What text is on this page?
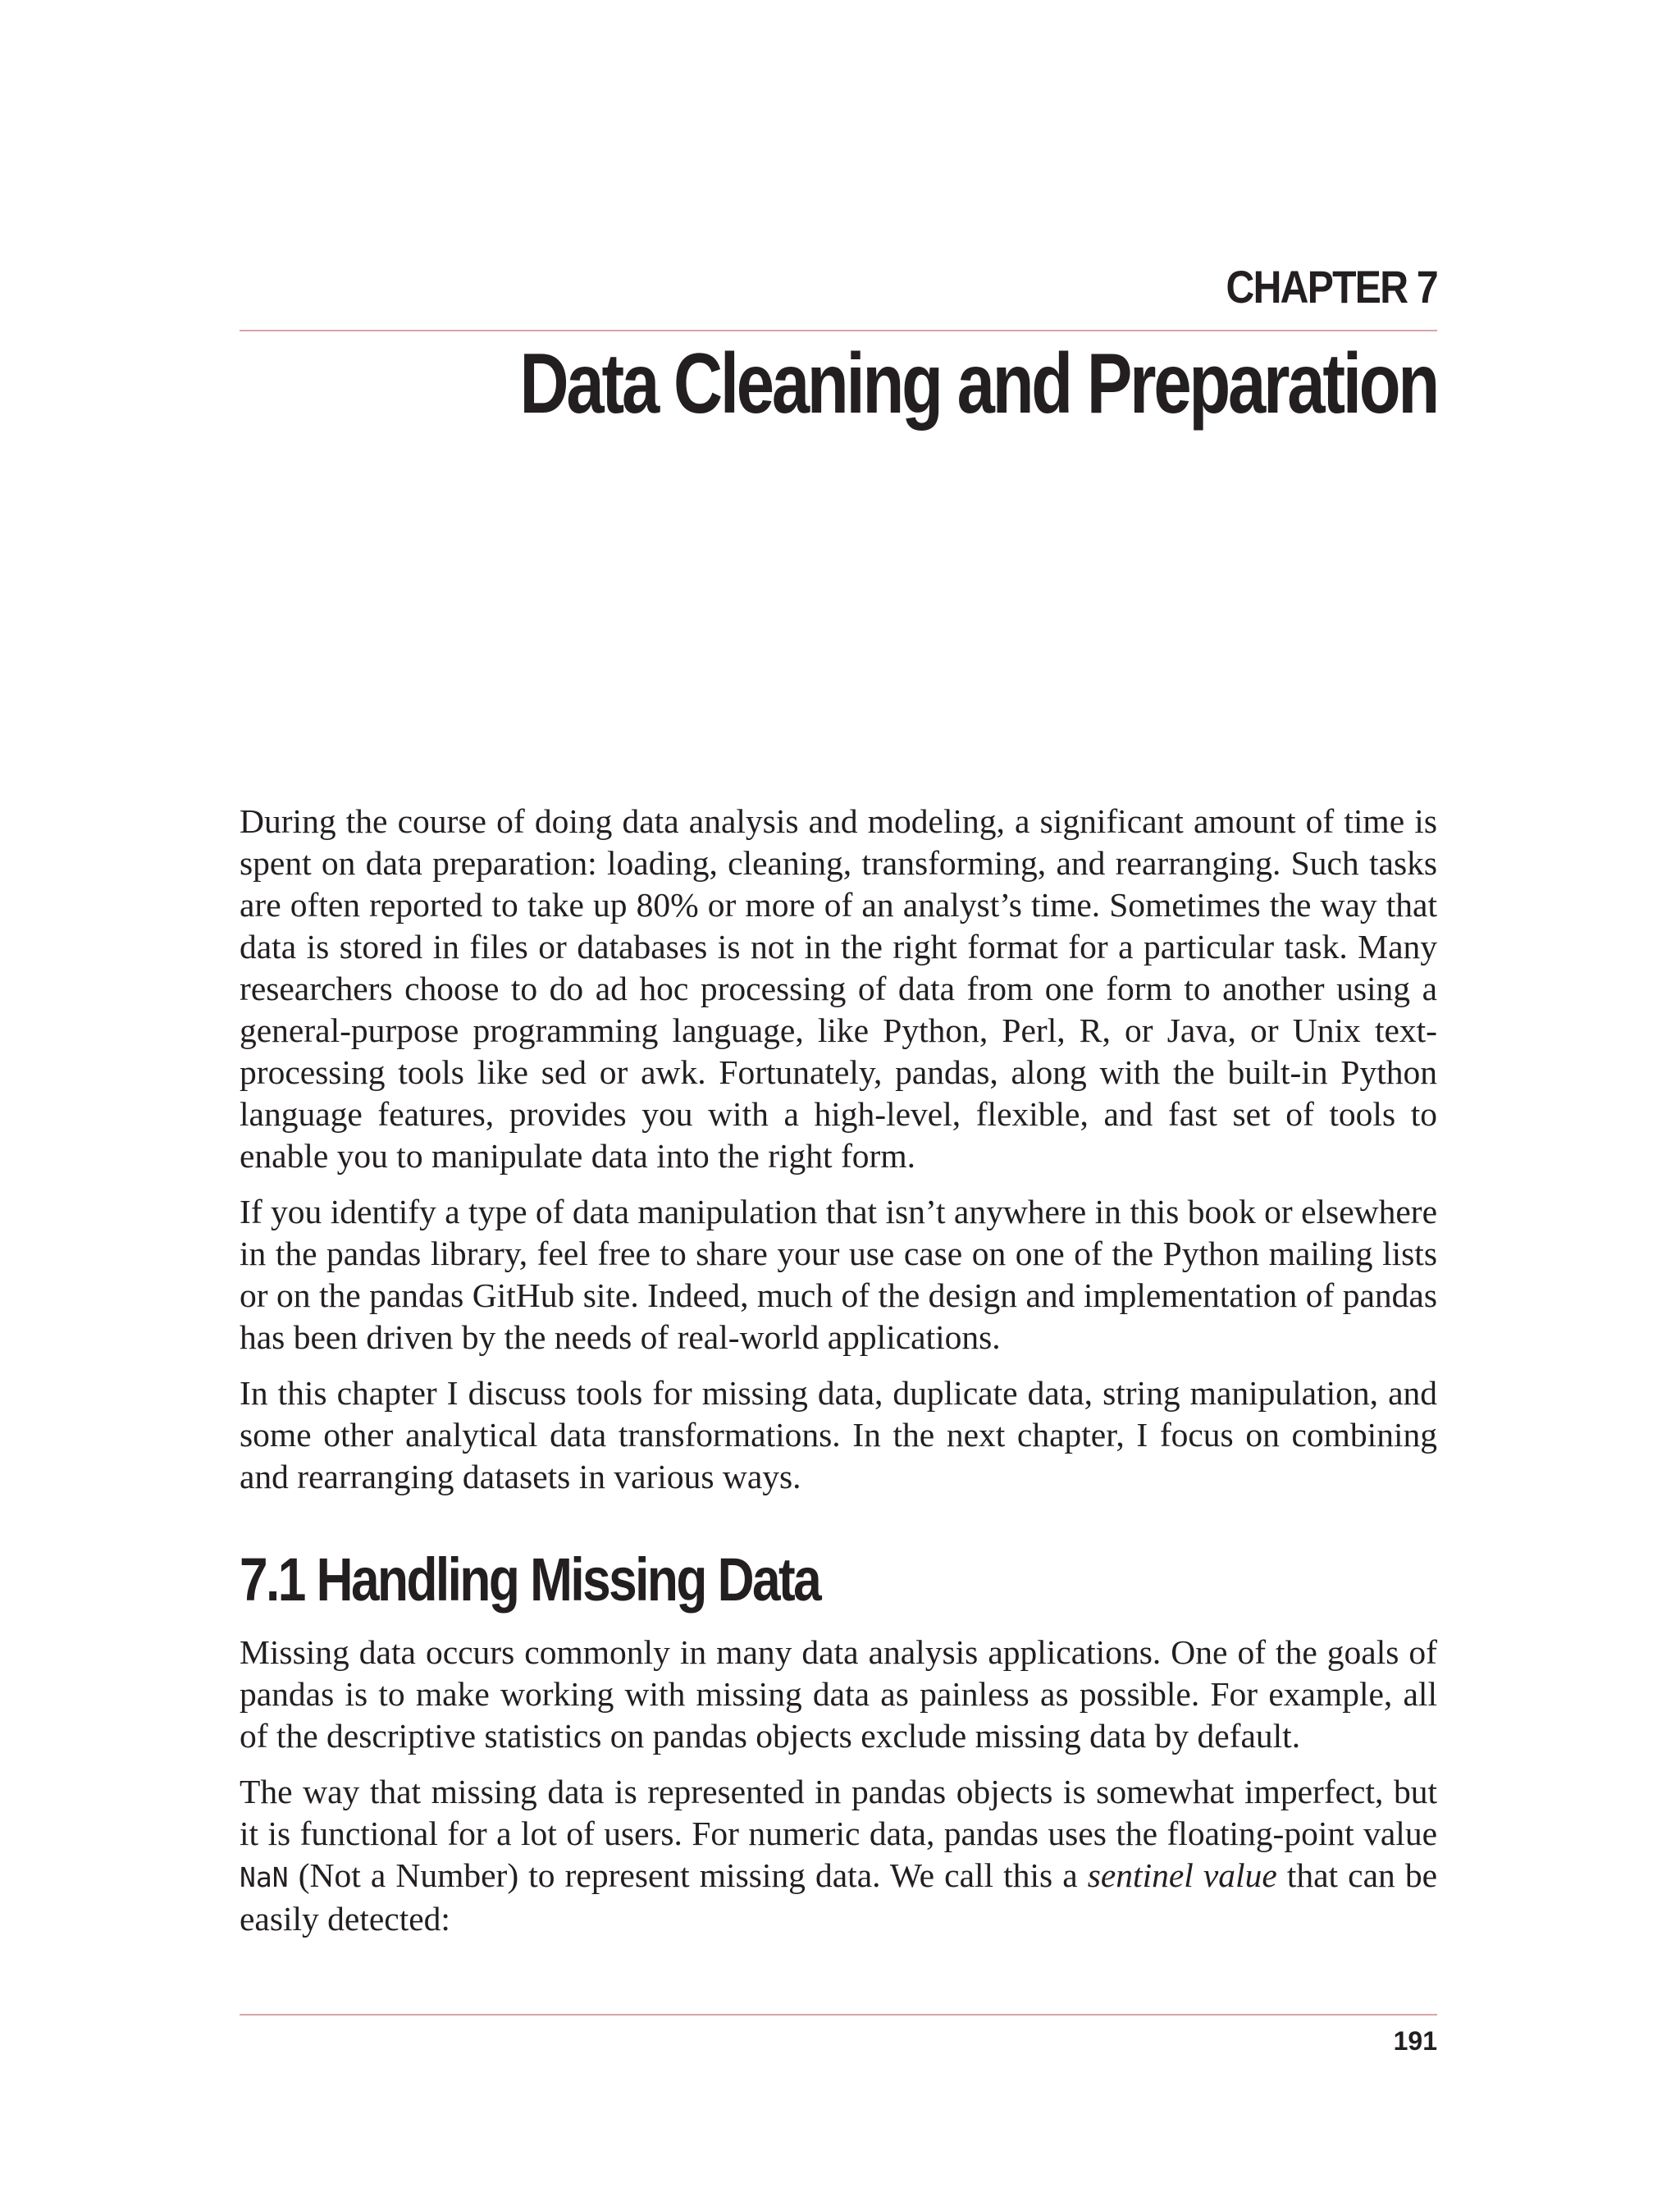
CHAPTER 7
Data Cleaning and Preparation

During the course of doing data analysis and modeling, a significant amount of time is spent on data preparation: loading, cleaning, transforming, and rearranging. Such tasks are often reported to take up 80% or more of an analyst’s time. Sometimes the way that data is stored in files or databases is not in the right format for a particular task. Many researchers choose to do ad hoc processing of data from one form to another using a general-purpose programming language, like Python, Perl, R, or Java, or Unix text-processing tools like sed or awk. Fortunately, pandas, along with the built-in Python language features, provides you with a high-level, flexible, and fast set of tools to enable you to manipulate data into the right form.

If you identify a type of data manipulation that isn’t anywhere in this book or elsewhere in the pandas library, feel free to share your use case on one of the Python mailing lists or on the pandas GitHub site. Indeed, much of the design and implementation of pandas has been driven by the needs of real-world applications.

In this chapter I discuss tools for missing data, duplicate data, string manipulation, and some other analytical data transformations. In the next chapter, I focus on combining and rearranging datasets in various ways.

7.1 Handling Missing Data

Missing data occurs commonly in many data analysis applications. One of the goals of pandas is to make working with missing data as painless as possible. For example, all of the descriptive statistics on pandas objects exclude missing data by default.

The way that missing data is represented in pandas objects is somewhat imperfect, but it is functional for a lot of users. For numeric data, pandas uses the floating-point value NaN (Not a Number) to represent missing data. We call this a sentinel value that can be easily detected:

191
